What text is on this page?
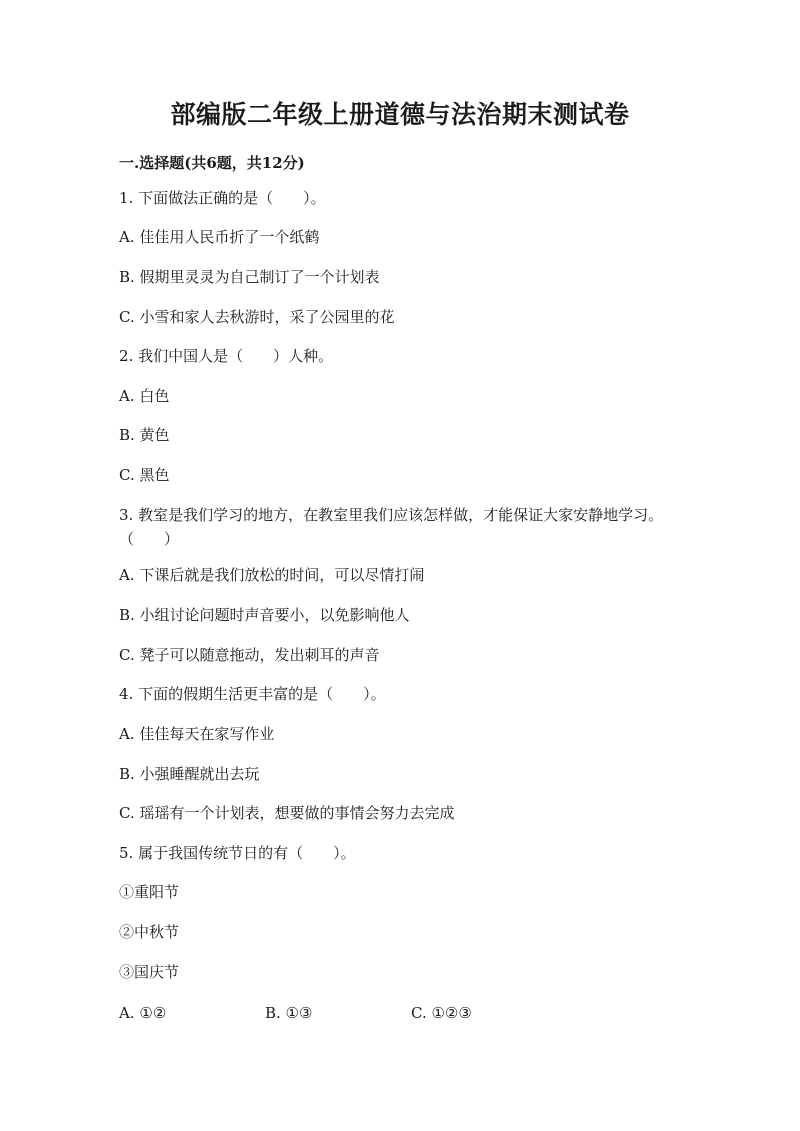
部编版二年级上册道德与法治期末测试卷
一.选择题(共6题，共12分)
1. 下面做法正确的是（　　）。
A. 佳佳用人民币折了一个纸鹤
B. 假期里灵灵为自己制订了一个计划表
C. 小雪和家人去秋游时，采了公园里的花
2. 我们中国人是（　　）人种。
A. 白色
B. 黄色
C. 黑色
3. 教室是我们学习的地方，在教室里我们应该怎样做，才能保证大家安静地学习。（　　）
A. 下课后就是我们放松的时间，可以尽情打闹
B. 小组讨论问题时声音要小，以免影响他人
C. 凳子可以随意拖动，发出刺耳的声音
4. 下面的假期生活更丰富的是（　　）。
A. 佳佳每天在家写作业
B. 小强睡醒就出去玩
C. 瑶瑶有一个计划表，想要做的事情会努力去完成
5. 属于我国传统节日的有（　　）。
①重阳节
②中秋节
③国庆节
A. ①②	B. ①③	C. ①②③
